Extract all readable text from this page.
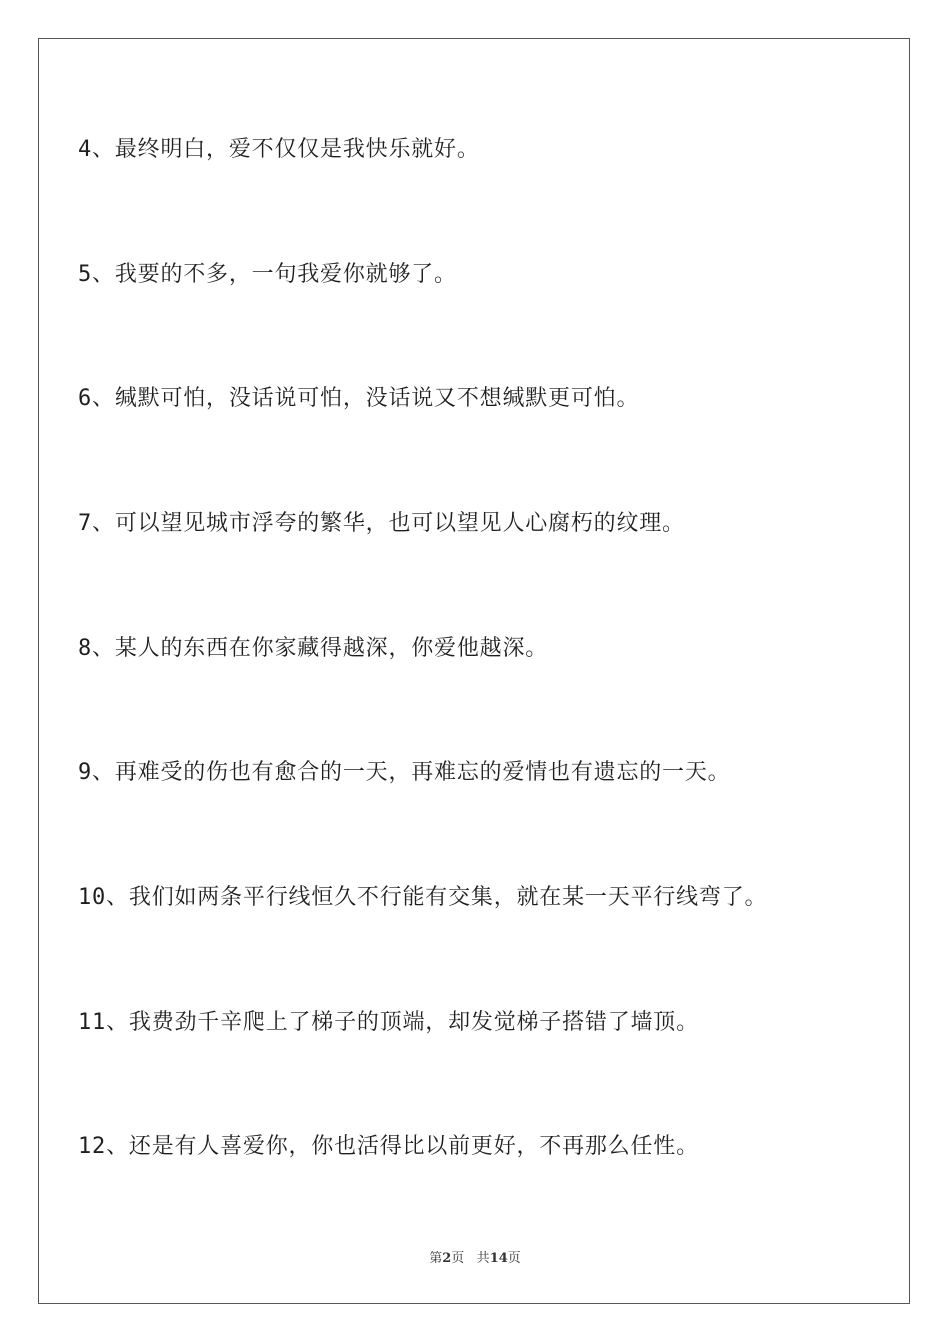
4、最终明白，爱不仅仅是我快乐就好。
5、我要的不多，一句我爱你就够了。
6、缄默可怕，没话说可怕，没话说又不想缄默更可怕。
7、可以望见城市浮夸的繁华，也可以望见人心腐朽的纹理。
8、某人的东西在你家藏得越深，你爱他越深。
9、再难受的伤也有愈合的一天，再难忘的爱情也有遗忘的一天。
10、我们如两条平行线恒久不行能有交集，就在某一天平行线弯了。
11、我费劲千辛爬上了梯子的顶端，却发觉梯子搭错了墙顶。
12、还是有人喜爱你，你也活得比以前更好，不再那么任性。
第2页 共14页
